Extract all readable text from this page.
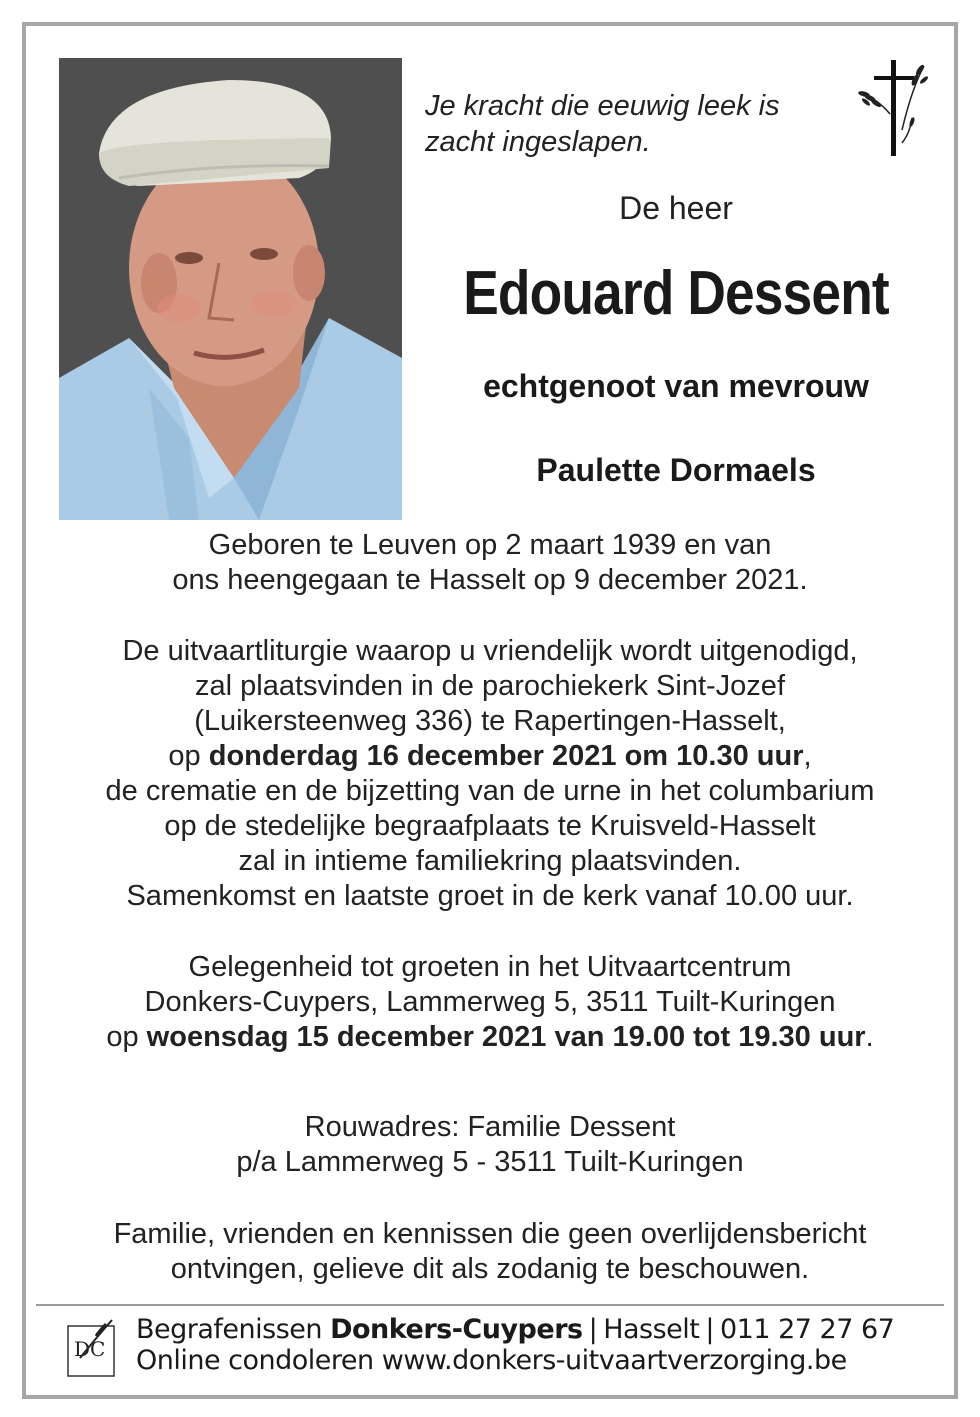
Je kracht die eeuwig leek is
zacht ingeslapen.
De heer
Edouard Dessent
echtgenoot van mevrouw
Paulette Dormaels

Geboren te Leuven op 2 maart 1939 en van

ons heengegaan te Hasselt op 9 december 2021.

De uitvaartliturgie waarop u vriendelijk wordt uitgenodigd,

zal plaatsvinden in de parochiekerk Sint-Jozef

(Luikersteenweg 336) te Rapertingen-Hasselt,

op donderdag 16 december 2021 om 10.30 uur,

de crematie en de bijzetting van de urne in het columbarium

op de stedelijke begraafplaats te Kruisveld-Hasselt

zal in intieme familiekring plaatsvinden.

Samenkomst en laatste groet in de kerk vanaf 10.00 uur.

Gelegenheid tot groeten in het Uitvaartcentrum

Donkers-Cuypers, Lammerweg 5, 3511 Tuilt-Kuringen

op woensdag 15 december 2021 van 19.00 tot 19.30 uur.

Rouwadres: Familie Dessent

p/a Lammerweg 5 - 3511 Tuilt-Kuringen

Familie, vrienden en kennissen die geen overlijdensbericht

ontvingen, gelieve dit als zodanig te beschouwen.

DC
Begrafenissen Donkers-Cuypers | Hasselt | 011 27 27 67
Online condoleren www.donkers-uitvaartverzorging.be
